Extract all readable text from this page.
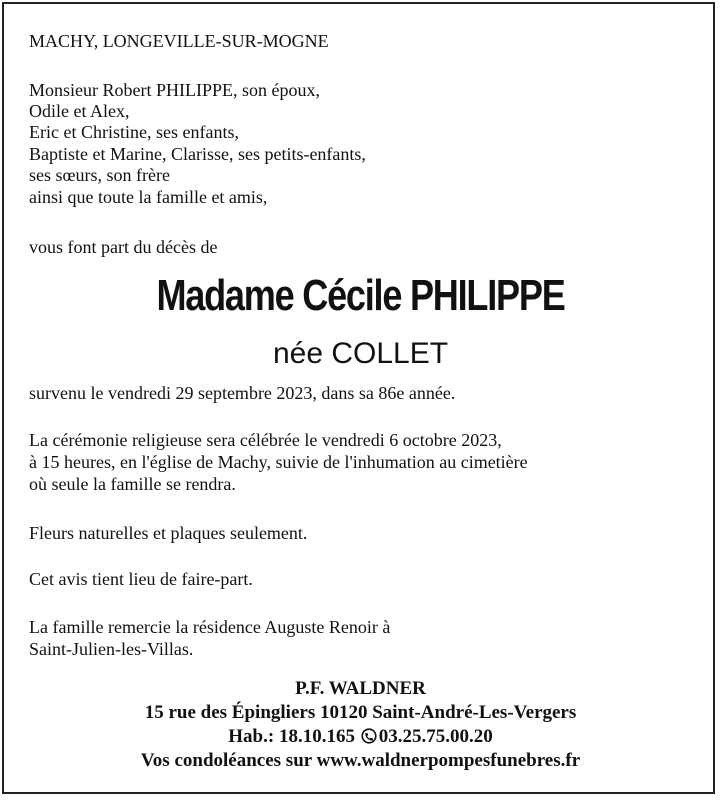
MACHY, LONGEVILLE-SUR-MOGNE
Monsieur Robert PHILIPPE, son époux,
Odile et Alex,
Eric et Christine, ses enfants,
Baptiste et Marine, Clarisse, ses petits-enfants,
ses sœurs, son frère
ainsi que toute la famille et amis,
vous font part du décès de
Madame Cécile PHILIPPE
née COLLET
survenu le vendredi 29 septembre 2023, dans sa 86e année.
La cérémonie religieuse sera célébrée le vendredi 6 octobre 2023,
à 15 heures, en l'église de Machy, suivie de l'inhumation au cimetière
où seule la famille se rendra.
Fleurs naturelles et plaques seulement.
Cet avis tient lieu de faire-part.
La famille remercie la résidence Auguste Renoir à
Saint-Julien-les-Villas.
P.F. WALDNER
15 rue des Épingliers 10120 Saint-André-Les-Vergers
Hab.: 18.10.165 03.25.75.00.20
Vos condoléances sur www.waldnerpompesfunebres.fr
